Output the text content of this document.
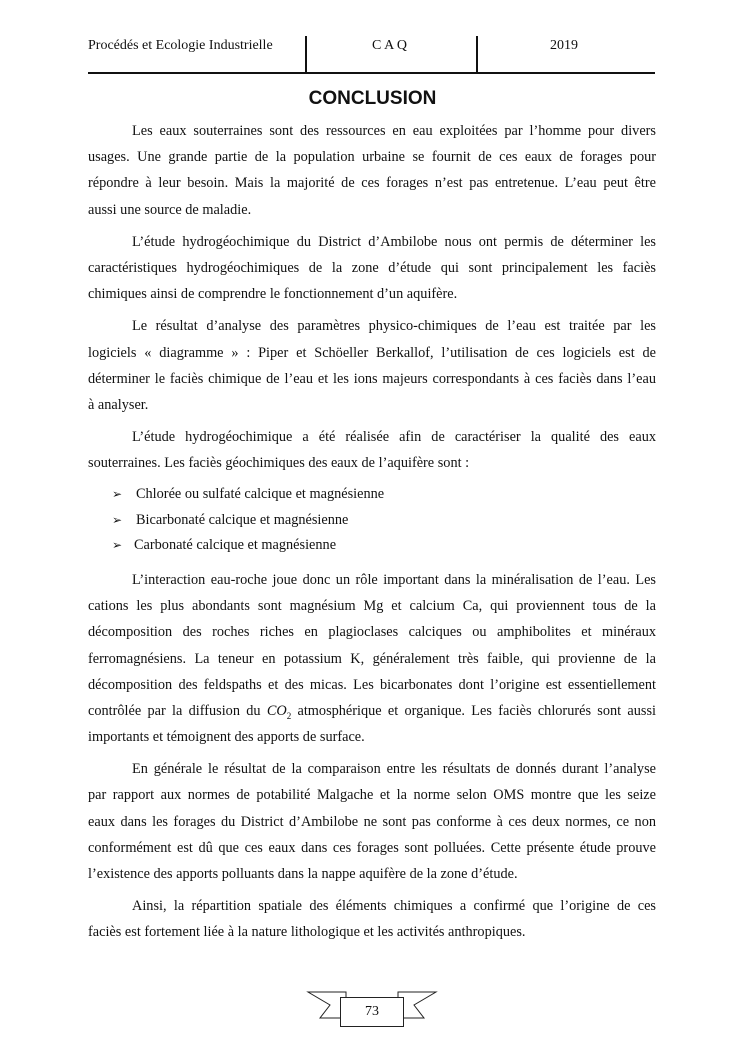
Procédés et Ecologie Industrielle	C A Q	2019
CONCLUSION
Les eaux souterraines sont des ressources en eau exploitées par l’homme pour divers
usages. Une grande partie de la population urbaine se fournit de ces eaux de forages pour
répondre à leur besoin. Mais la majorité de ces forages n’est pas entretenue. L’eau peut être
aussi une source de maladie.
L’étude hydrogéochimique du District d’Ambilobe nous ont permis de déterminer les
caractéristiques hydrogéochimiques de la zone d’étude qui sont principalement les faciès
chimiques ainsi de comprendre le fonctionnement d’un aquifère.
Le résultat d’analyse des paramètres physico-chimiques de l’eau est traitée par les
logiciels « diagramme » : Piper et Schöeller Berkallof, l’utilisation de ces logiciels est de
déterminer le faciès chimique de l’eau et les ions majeurs correspondants à ces faciès dans l’eau
à analyser.
L’étude hydrogéochimique a été réalisée afin de caractériser la qualité des eaux
souterraines. Les faciès géochimiques des eaux de l’aquifère sont :
➢ Chlorée ou sulfaté calcique et magnésienne
➢ Bicarbonaté calcique et magnésienne
➢ Carbonaté calcique et magnésienne
L’interaction eau-roche joue donc un rôle important dans la minéralisation de l’eau. Les
cations les plus abondants sont magnésium Mg et calcium Ca, qui proviennent tous de la
décomposition des roches riches en plagioclases calciques ou amphibolites et minéraux
ferromagnésiens. La teneur en potassium K, généralement très faible, qui provienne de la
décomposition des feldspaths et des micas. Les bicarbonates dont l’origine est essentiellement
contrôlée par la diffusion du $CO_2$ atmosphérique et organique. Les faciès chlorurés sont aussi
importants et témoignent des apports de surface.
En générale le résultat de la comparaison entre les résultats de donnés durant l’analyse
par rapport aux normes de potabilité Malgache et la norme selon OMS montre que les seize
eaux dans les forages du District d’Ambilobe ne sont pas conforme à ces deux normes, ce non
conformément est dû que ces eaux dans ces forages sont polluées. Cette présente étude prouve
l’existence des apports polluants dans la nappe aquifère de la zone d’étude.
Ainsi, la répartition spatiale des éléments chimiques a confirmé que l’origine de ces
faciès est fortement liée à la nature lithologique et les activités anthropiques.
73
